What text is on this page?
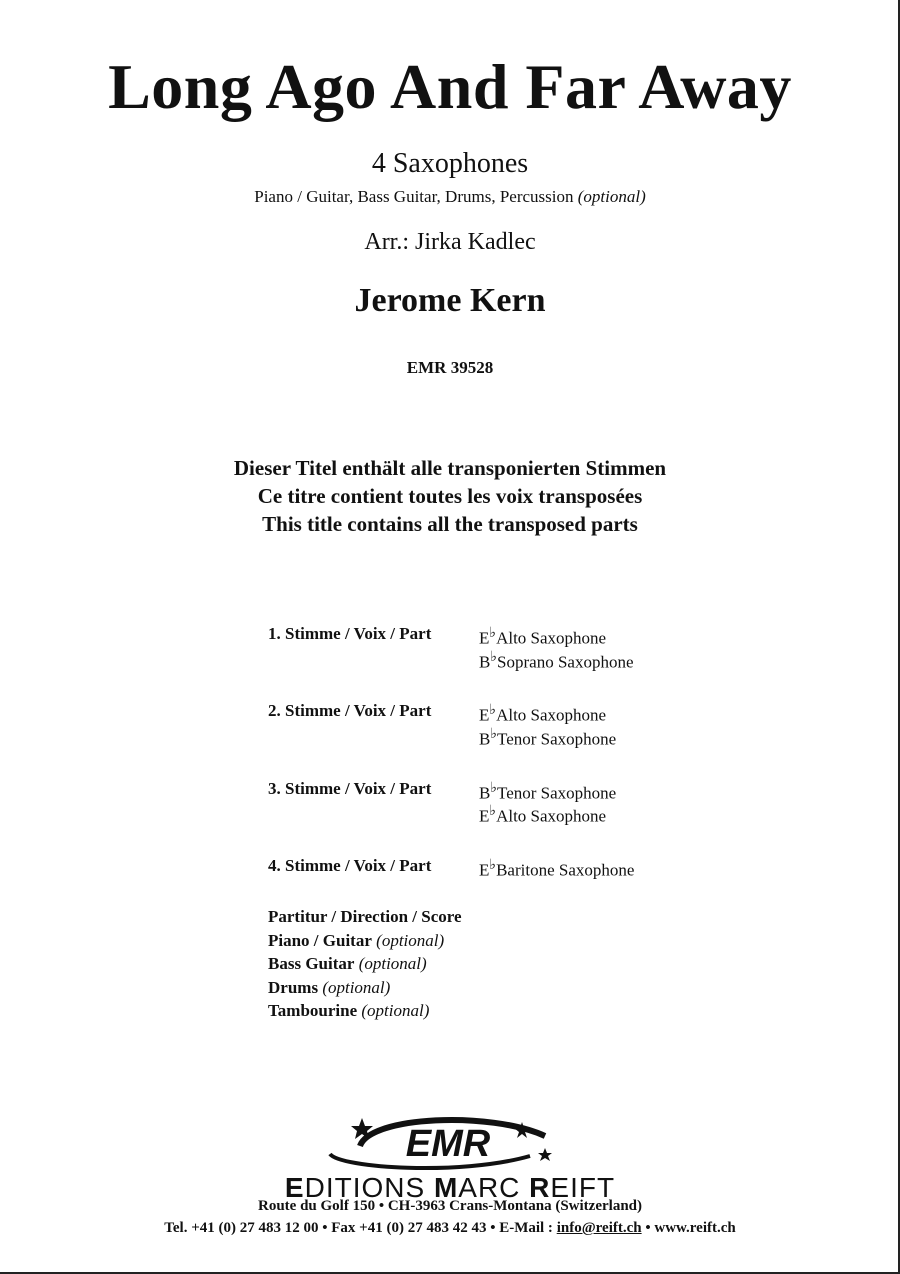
Long Ago And Far Away
4 Saxophones
Piano / Guitar, Bass Guitar, Drums, Percussion (optional)
Arr.: Jirka Kadlec
Jerome Kern
EMR 39528
Dieser Titel enthält alle transponierten Stimmen
Ce titre contient toutes les voix transposées
This title contains all the transposed parts
1. Stimme / Voix / Part	E♭Alto Saxophone
B♭Soprano Saxophone
2. Stimme / Voix / Part	E♭Alto Saxophone
B♭Tenor Saxophone
3. Stimme / Voix / Part	B♭Tenor Saxophone
E♭Alto Saxophone
4. Stimme / Voix / Part	E♭Baritone Saxophone
Partitur / Direction / Score
Piano / Guitar (optional)
Bass Guitar (optional)
Drums (optional)
Tambourine (optional)
EMR
EDITIONS MARC REIFT
Route du Golf 150 • CH-3963 Crans-Montana (Switzerland)
Tel. +41 (0) 27 483 12 00 • Fax +41 (0) 27 483 42 43 • E-Mail : info@reift.ch • www.reift.ch
